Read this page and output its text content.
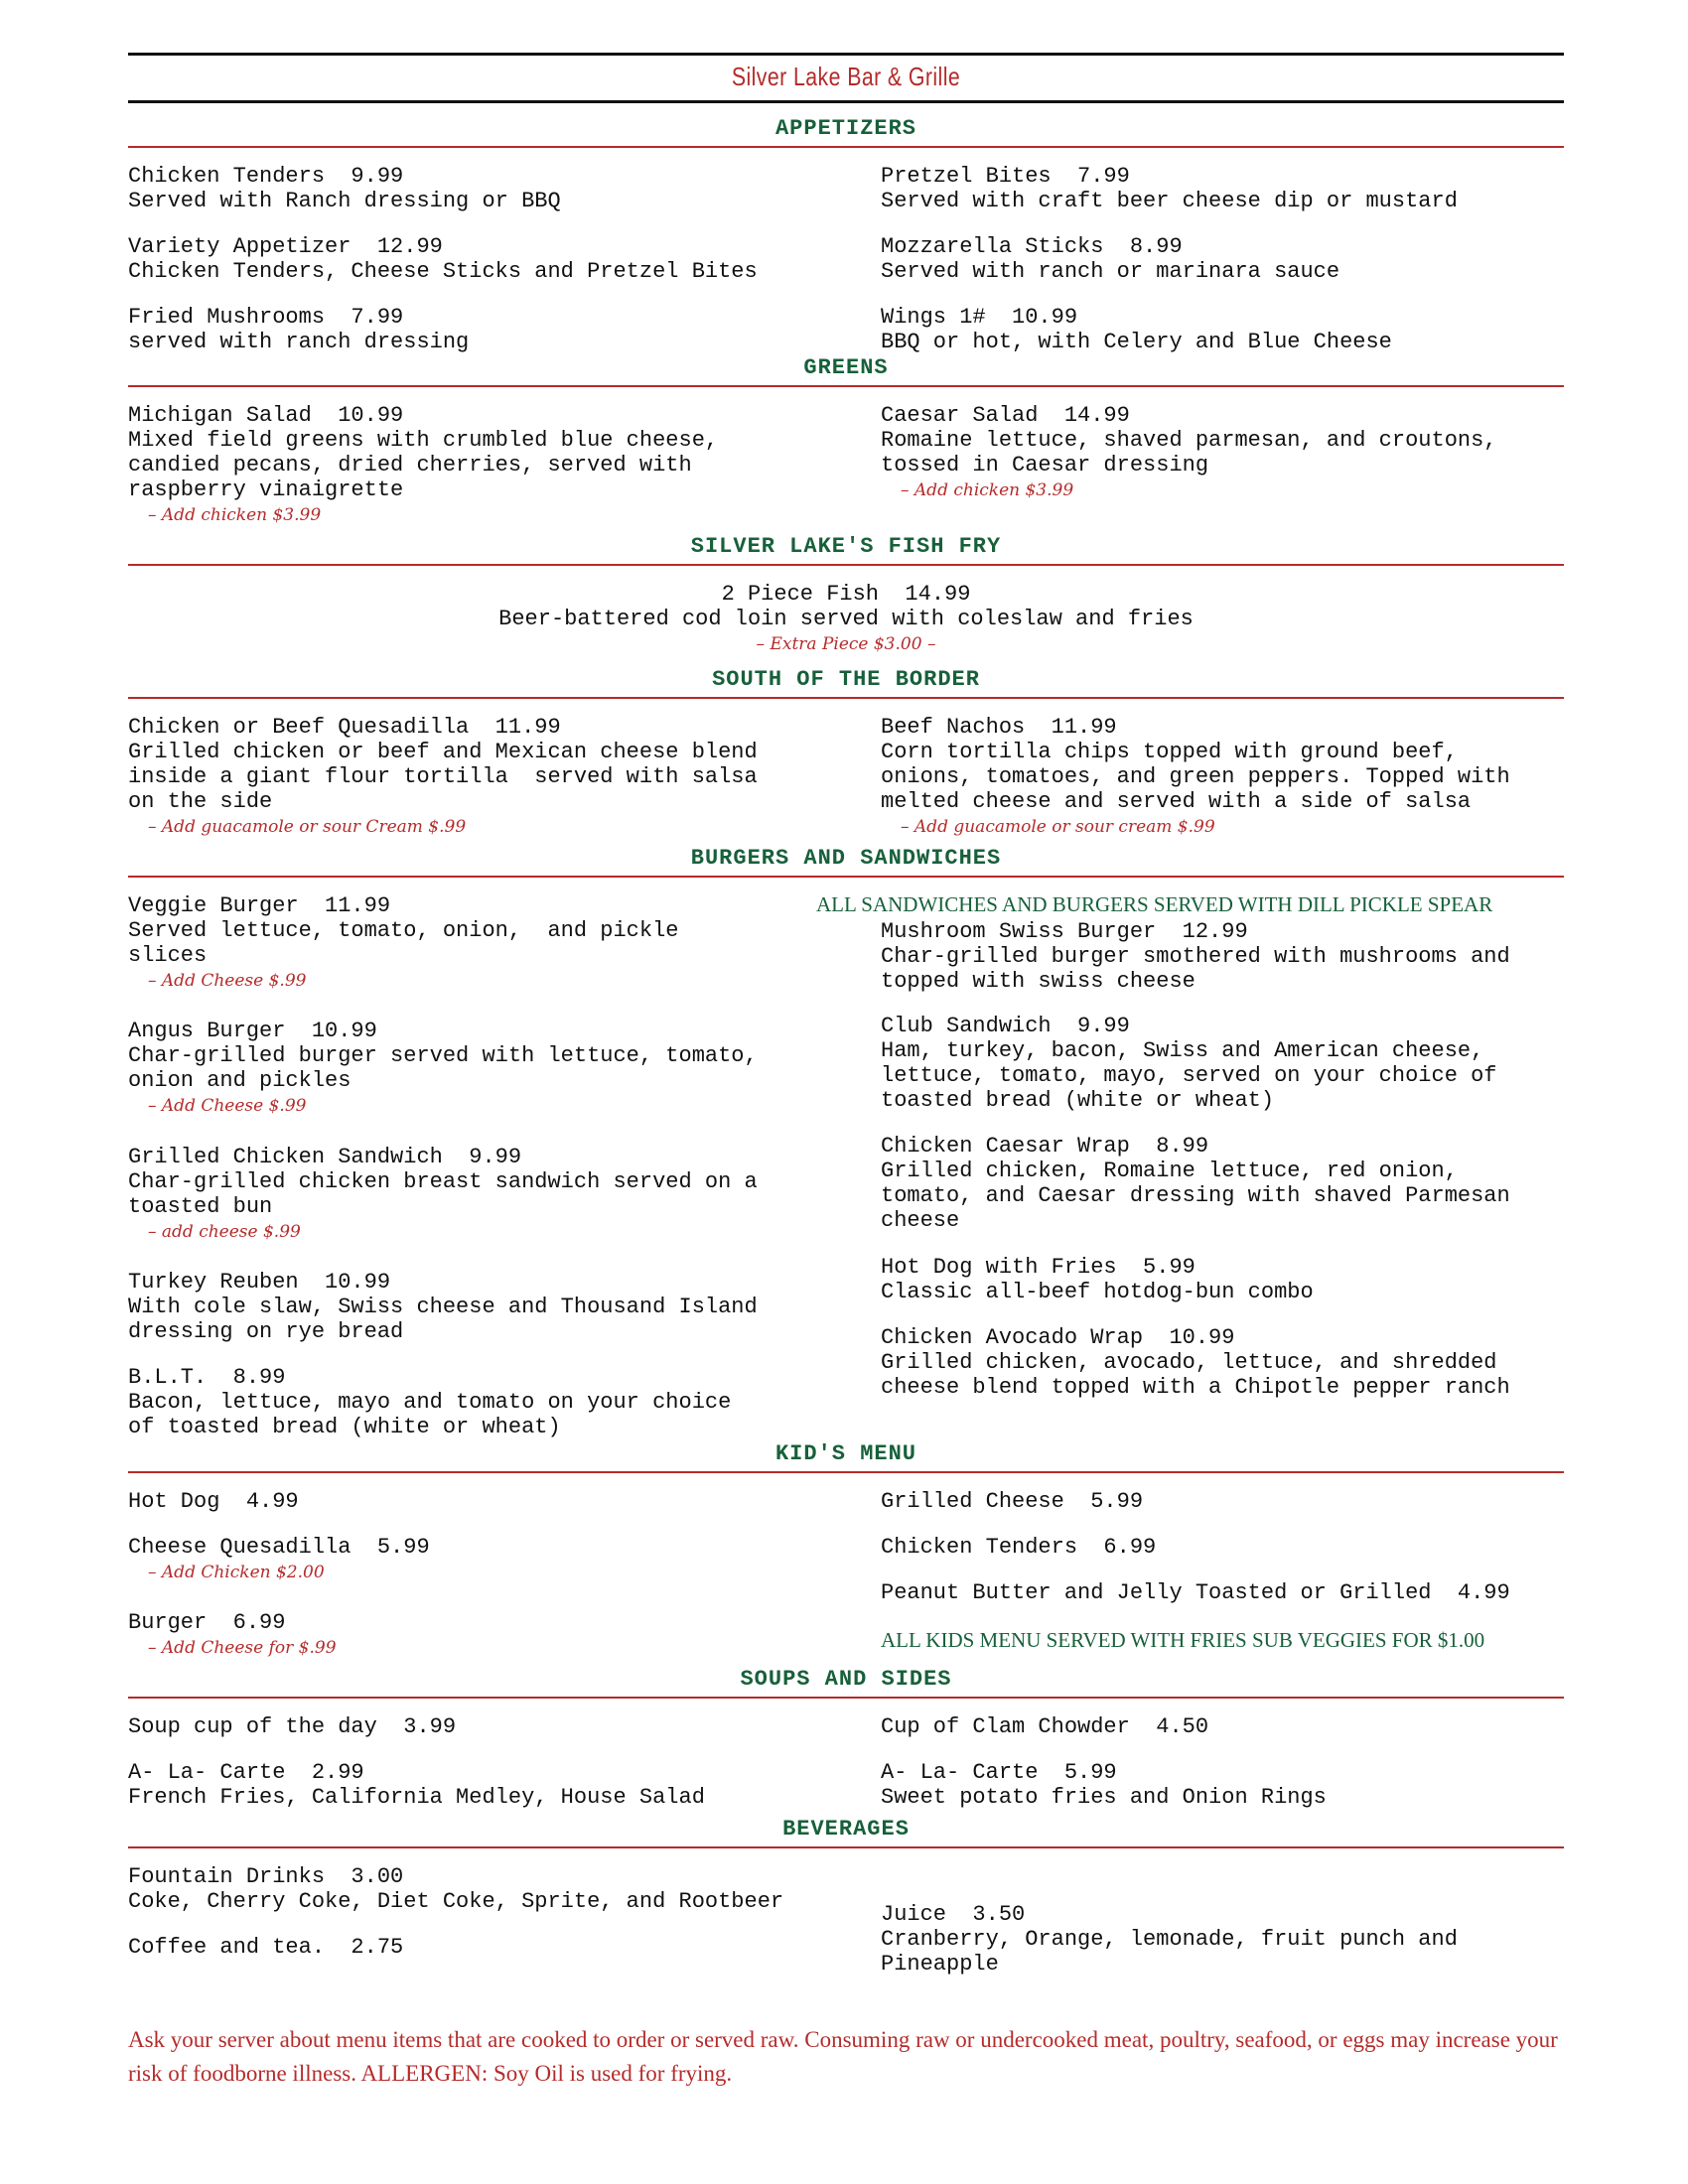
Silver Lake Bar & Grille
APPETIZERS
Chicken Tenders  9.99
Served with Ranch dressing or BBQ
Pretzel Bites  7.99
Served with craft beer cheese dip or mustard
Variety Appetizer  12.99
Chicken Tenders, Cheese Sticks and Pretzel Bites
Mozzarella Sticks  8.99
Served with ranch or marinara sauce
Fried Mushrooms  7.99
served with ranch dressing
Wings 1#  10.99
BBQ or hot, with Celery and Blue Cheese
GREENS
Michigan Salad  10.99
Mixed field greens with crumbled blue cheese,
candied pecans, dried cherries, served with
raspberry vinaigrette
– Add chicken $3.99
Caesar Salad  14.99
Romaine lettuce, shaved parmesan, and croutons,
tossed in Caesar dressing
– Add chicken $3.99
SILVER LAKE'S FISH FRY
2 Piece Fish  14.99
Beer-battered cod loin served with coleslaw and fries
– Extra Piece $3.00 –
SOUTH OF THE BORDER
Chicken or Beef Quesadilla  11.99
Grilled chicken or beef and Mexican cheese blend
inside a giant flour tortilla  served with salsa
on the side
– Add guacamole or sour Cream $.99
Beef Nachos  11.99
Corn tortilla chips topped with ground beef,
onions, tomatoes, and green peppers. Topped with
melted cheese and served with a side of salsa
– Add guacamole or sour cream $.99
BURGERS AND SANDWICHES
ALL SANDWICHES AND BURGERS SERVED WITH DILL PICKLE SPEAR
Veggie Burger  11.99
Served lettuce, tomato, onion,  and pickle
slices
– Add Cheese $.99
Angus Burger  10.99
Char-grilled burger served with lettuce, tomato,
onion and pickles
– Add Cheese $.99
Grilled Chicken Sandwich  9.99
Char-grilled chicken breast sandwich served on a
toasted bun
– add cheese $.99
Turkey Reuben  10.99
With cole slaw, Swiss cheese and Thousand Island
dressing on rye bread
B.L.T.  8.99
Bacon, lettuce, mayo and tomato on your choice
of toasted bread (white or wheat)
Mushroom Swiss Burger  12.99
Char-grilled burger smothered with mushrooms and
topped with swiss cheese
Club Sandwich  9.99
Ham, turkey, bacon, Swiss and American cheese,
lettuce, tomato, mayo, served on your choice of
toasted bread (white or wheat)
Chicken Caesar Wrap  8.99
Grilled chicken, Romaine lettuce, red onion,
tomato, and Caesar dressing with shaved Parmesan
cheese
Hot Dog with Fries  5.99
Classic all-beef hotdog-bun combo
Chicken Avocado Wrap  10.99
Grilled chicken, avocado, lettuce, and shredded
cheese blend topped with a Chipotle pepper ranch
KID'S MENU
Hot Dog  4.99
Cheese Quesadilla  5.99
– Add Chicken $2.00
Burger  6.99
– Add Cheese for $.99
Grilled Cheese  5.99
Chicken Tenders  6.99
Peanut Butter and Jelly Toasted or Grilled  4.99
ALL KIDS MENU SERVED WITH FRIES SUB VEGGIES FOR $1.00
SOUPS AND SIDES
Soup cup of the day  3.99
A- La- Carte  2.99
French Fries, California Medley, House Salad
Cup of Clam Chowder  4.50
A- La- Carte  5.99
Sweet potato fries and Onion Rings
BEVERAGES
Fountain Drinks  3.00
Coke, Cherry Coke, Diet Coke, Sprite, and Rootbeer
Coffee and tea.  2.75
Juice  3.50
Cranberry, Orange, lemonade, fruit punch and
Pineapple
Ask your server about menu items that are cooked to order or served raw. Consuming raw or undercooked meat, poultry, seafood, or eggs may increase your risk of foodborne illness. ALLERGEN: Soy Oil is used for frying.
